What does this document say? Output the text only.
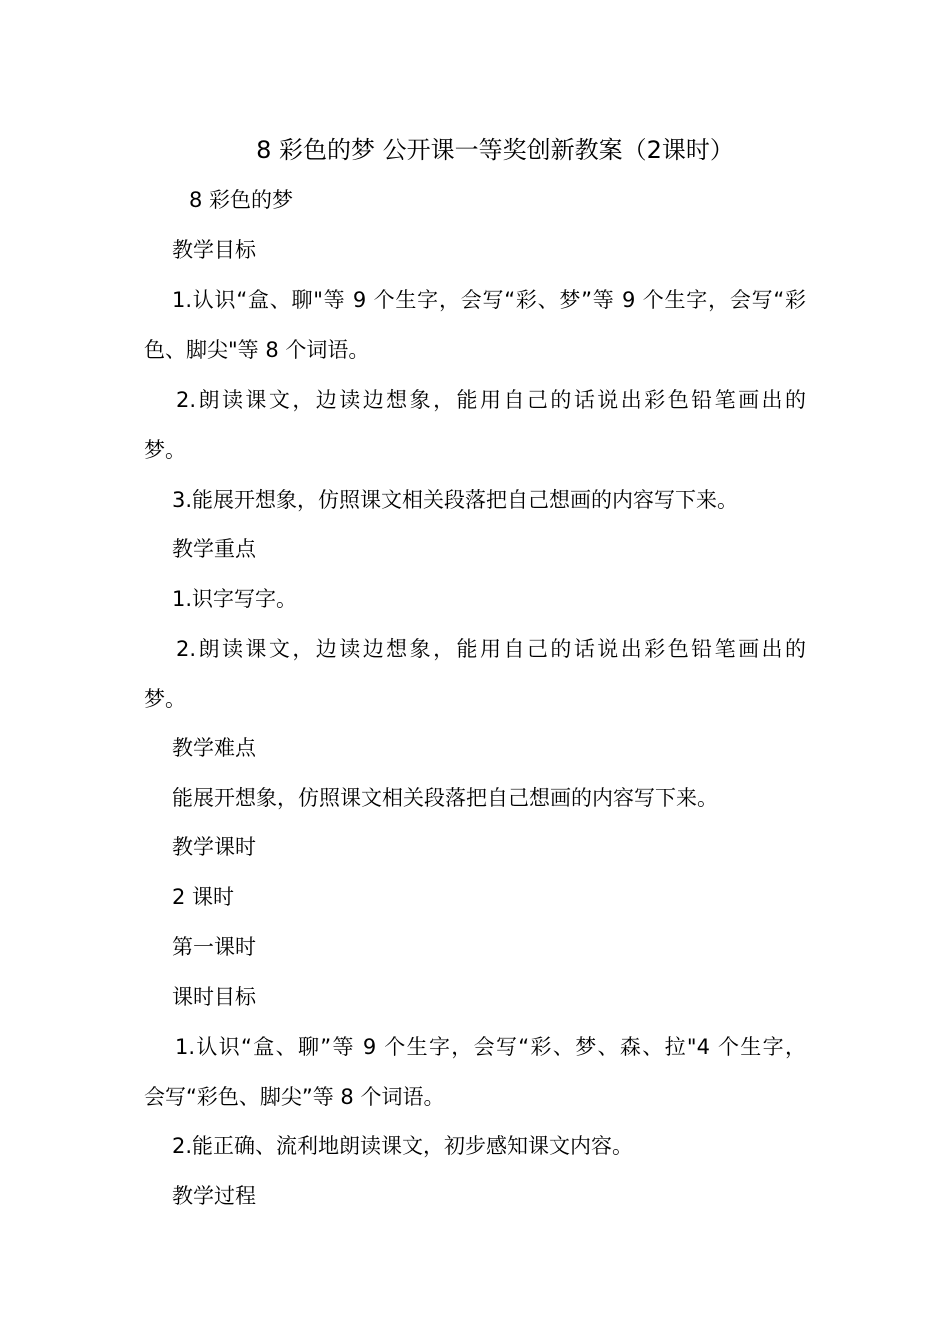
8 彩色的梦 公开课一等奖创新教案（2课时）

8 彩色的梦

教学目标

1.认识“盒、聊"等 9 个生字，会写“彩、梦”等 9 个生字，会写“彩

色、脚尖"等 8 个词语。

2.朗读课文，边读边想象，能用自己的话说出彩色铅笔画出的

梦。

3.能展开想象，仿照课文相关段落把自己想画的内容写下来。

教学重点

1.识字写字。

2.朗读课文，边读边想象，能用自己的话说出彩色铅笔画出的

梦。

教学难点

能展开想象，仿照课文相关段落把自己想画的内容写下来。

教学课时

2 课时

第一课时

课时目标

1.认识“盒、聊”等 9 个生字，会写“彩、梦、森、拉"4 个生字，

会写“彩色、脚尖”等 8 个词语。

2.能正确、流利地朗读课文，初步感知课文内容。

教学过程
